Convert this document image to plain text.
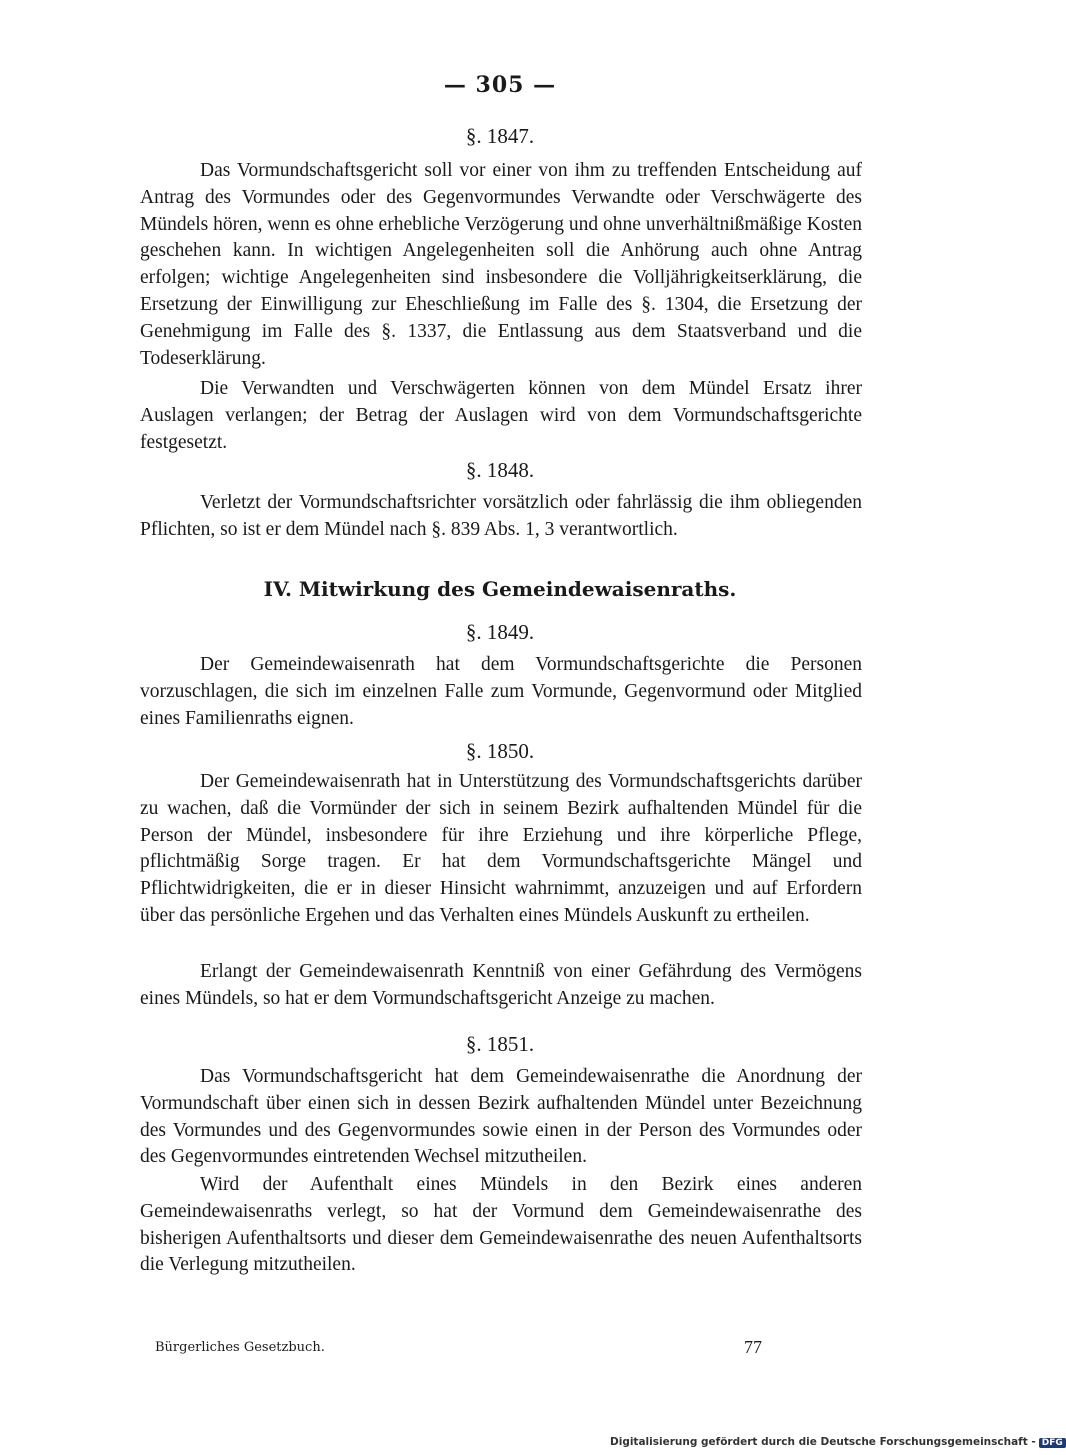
— 305 —
§. 1847.
Das Vormundschaftsgericht soll vor einer von ihm zu treffenden Entscheidung auf Antrag des Vormundes oder des Gegenvormundes Verwandte oder Verschwägerte des Mündels hören, wenn es ohne erhebliche Verzögerung und ohne unverhältnißmäßige Kosten geschehen kann. In wichtigen Angelegenheiten soll die Anhörung auch ohne Antrag erfolgen; wichtige Angelegenheiten sind insbesondere die Volljährigkeitserklärung, die Ersetzung der Einwilligung zur Eheschließung im Falle des §. 1304, die Ersetzung der Genehmigung im Falle des §. 1337, die Entlassung aus dem Staatsverband und die Todeserklärung.
Die Verwandten und Verschwägerten können von dem Mündel Ersatz ihrer Auslagen verlangen; der Betrag der Auslagen wird von dem Vormundschaftsgerichte festgesetzt.
§. 1848.
Verletzt der Vormundschaftsrichter vorsätzlich oder fahrlässig die ihm obliegenden Pflichten, so ist er dem Mündel nach §. 839 Abs. 1, 3 verantwortlich.
IV. Mitwirkung des Gemeindewaisenraths.
§. 1849.
Der Gemeindewaisenrath hat dem Vormundschaftsgerichte die Personen vorzuschlagen, die sich im einzelnen Falle zum Vormunde, Gegenvormund oder Mitglied eines Familienraths eignen.
§. 1850.
Der Gemeindewaisenrath hat in Unterstützung des Vormundschaftsgerichts darüber zu wachen, daß die Vormünder der sich in seinem Bezirk aufhaltenden Mündel für die Person der Mündel, insbesondere für ihre Erziehung und ihre körperliche Pflege, pflichtmäßig Sorge tragen. Er hat dem Vormundschaftsgerichte Mängel und Pflichtwidrigkeiten, die er in dieser Hinsicht wahrnimmt, anzuzeigen und auf Erfordern über das persönliche Ergehen und das Verhalten eines Mündels Auskunft zu ertheilen.
Erlangt der Gemeindewaisenrath Kenntniß von einer Gefährdung des Vermögens eines Mündels, so hat er dem Vormundschaftsgericht Anzeige zu machen.
§. 1851.
Das Vormundschaftsgericht hat dem Gemeindewaisenrathe die Anordnung der Vormundschaft über einen sich in dessen Bezirk aufhaltenden Mündel unter Bezeichnung des Vormundes und des Gegenvormundes sowie einen in der Person des Vormundes oder des Gegenvormundes eintretenden Wechsel mitzutheilen.
Wird der Aufenthalt eines Mündels in den Bezirk eines anderen Gemeindewaisenraths verlegt, so hat der Vormund dem Gemeindewaisenrathe des bisherigen Aufenthaltsorts und dieser dem Gemeindewaisenrathe des neuen Aufenthaltsorts die Verlegung mitzutheilen.
Bürgerliches Gesetzbuch.	77
Digitalisierung gefördert durch die Deutsche Forschungsgemeinschaft - DFG
